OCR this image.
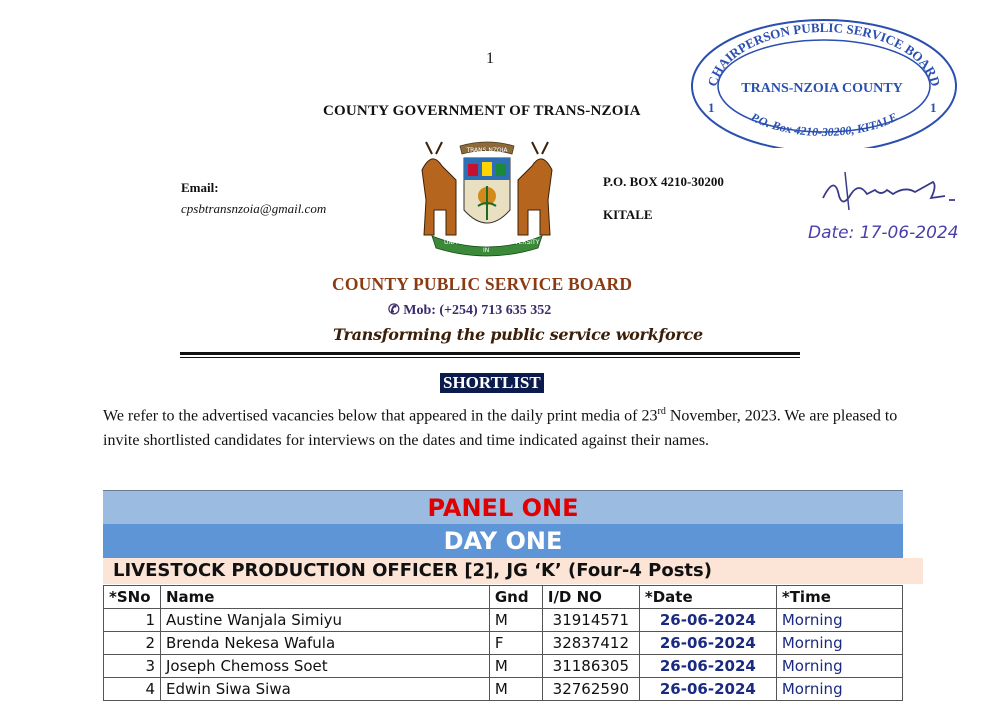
1
COUNTY GOVERNMENT OF TRANS-NZOIA
Email:
cpsbtransnzoia@gmail.com
P.O. BOX 4210-30200
KITALE
TRANS NZOIA
UNITY
IN
DIVERSITY
COUNTY PUBLIC SERVICE BOARD
✆ Mob: (+254) 713 635 352
Transforming the public service workforce
CHAIRPERSON PUBLIC SERVICE BOARD
TRANS-NZOIA COUNTY
1	1
P.O. Box 4210-30200, KITALE
Date: 17-06-2024
SHORTLIST
We refer to the advertised vacancies below that appeared in the daily print media of 23rd November, 2023. We are pleased to invite shortlisted candidates for interviews on the dates and time indicated against their names.
PANEL ONE
DAY ONE
LIVESTOCK PRODUCTION OFFICER [2], JG ‘K’ (Four-4 Posts)
*SNo	Name	Gnd	I/D NO	*Date	*Time
1	Austine Wanjala Simiyu	M	31914571	26-06-2024	Morning
2	Brenda Nekesa Wafula	F	32837412	26-06-2024	Morning
3	Joseph Chemoss Soet	M	31186305	26-06-2024	Morning
4	Edwin Siwa Siwa	M	32762590	26-06-2024	Morning
